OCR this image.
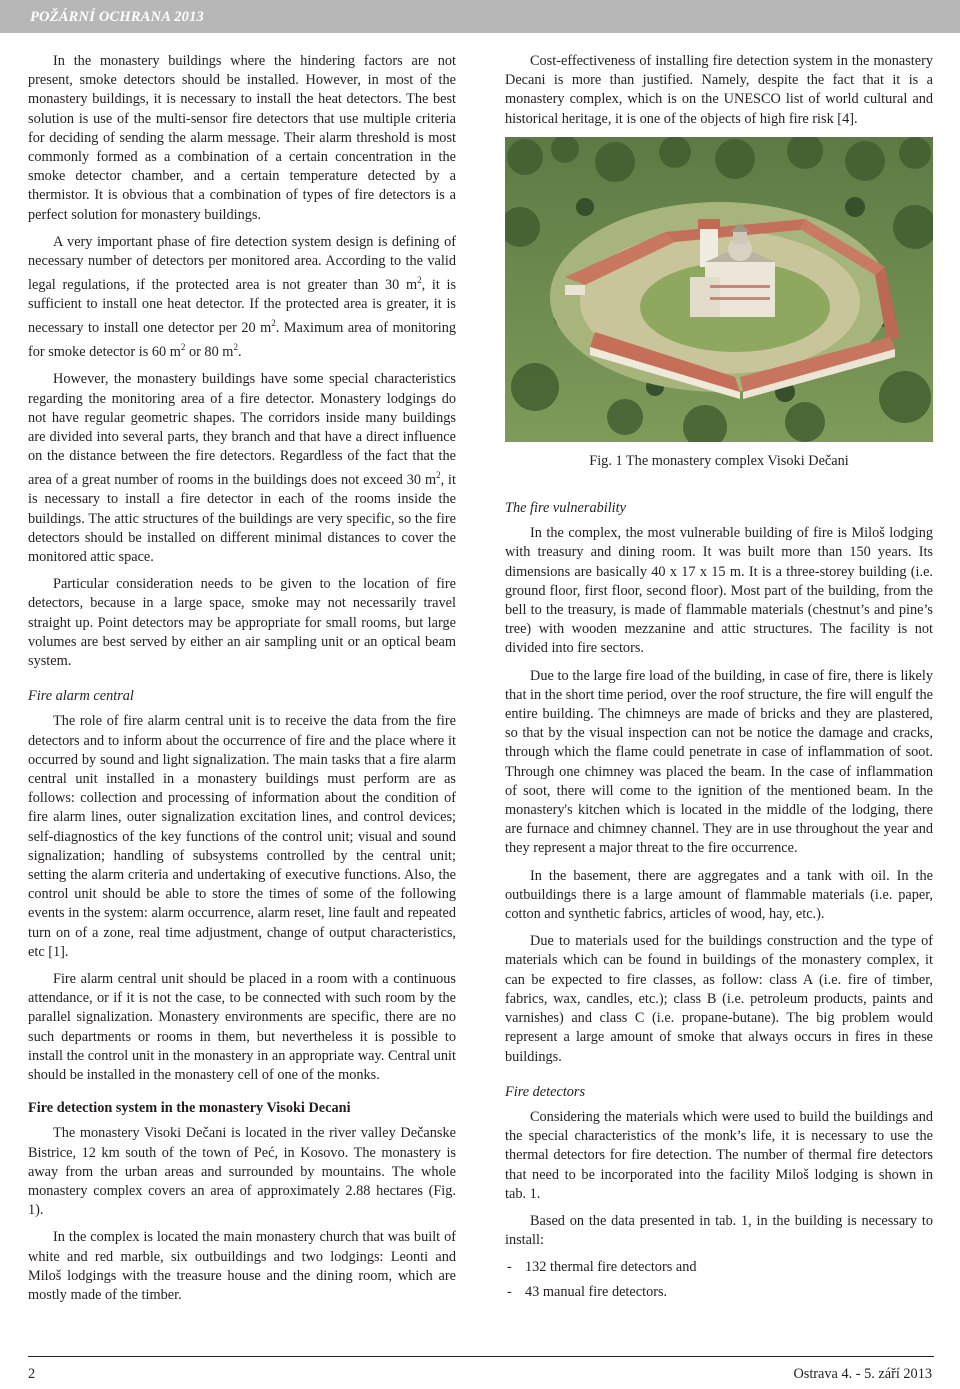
POŽÁRNÍ OCHRANA 2013

In the monastery buildings where the hindering factors are not present, smoke detectors should be installed. However, in most of the monastery buildings, it is necessary to install the heat detectors. The best solution is use of the multi-sensor fire detectors that use multiple criteria for deciding of sending the alarm message. Their alarm threshold is most commonly formed as a combination of a certain concentration in the smoke detector chamber, and a certain temperature detected by a thermistor. It is obvious that a combination of types of fire detectors is a perfect solution for monastery buildings.

A very important phase of fire detection system design is defining of necessary number of detectors per monitored area. According to the valid legal regulations, if the protected area is not greater than 30 $m^2$, it is sufficient to install one heat detector. If the protected area is greater, it is necessary to install one detector per 20 $m^2$. Maximum area of monitoring for smoke detector is 60 $m^2$ or 80 $m^2$.

However, the monastery buildings have some special characteristics regarding the monitoring area of a fire detector. Monastery lodgings do not have regular geometric shapes. The corridors inside many buildings are divided into several parts, they branch and that have a direct influence on the distance between the fire detectors. Regardless of the fact that the area of a great number of rooms in the buildings does not exceed 30 $m^2$, it is necessary to install a fire detector in each of the rooms inside the buildings. The attic structures of the buildings are very specific, so the fire detectors should be installed on different minimal distances to cover the monitored attic space.

Particular consideration needs to be given to the location of fire detectors, because in a large space, smoke may not necessarily travel straight up. Point detectors may be appropriate for small rooms, but large volumes are best served by either an air sampling unit or an optical beam system.

Fire alarm central

The role of fire alarm central unit is to receive the data from the fire detectors and to inform about the occurrence of fire and the place where it occurred by sound and light signalization. The main tasks that a fire alarm central unit installed in a monastery buildings must perform are as follows: collection and processing of information about the condition of fire alarm lines, outer signalization excitation lines, and control devices; self-diagnostics of the key functions of the control unit; visual and sound signalization; handling of subsystems controlled by the central unit; setting the alarm criteria and undertaking of executive functions. Also, the control unit should be able to store the times of some of the following events in the system: alarm occurrence, alarm reset, line fault and repeated turn on of a zone, real time adjustment, change of output characteristics, etc [1].

Fire alarm central unit should be placed in a room with a continuous attendance, or if it is not the case, to be connected with such room by the parallel signalization. Monastery environments are specific, there are no such departments or rooms in them, but nevertheless it is possible to install the control unit in the monastery in an appropriate way. Central unit should be installed in the monastery cell of one of the monks.

Fire detection system in the monastery Visoki Decani

The monastery Visoki Dečani is located in the river valley Dečanske Bistrice, 12 km south of the town of Peć, in Kosovo. The monastery is away from the urban areas and surrounded by mountains. The whole monastery complex covers an area of approximately 2.88 hectares (Fig. 1).

In the complex is located the main monastery church that was built of white and red marble, six outbuildings and two lodgings: Leonti and Miloš lodgings with the treasure house and the dining room, which are mostly made of the timber.

Cost-effectiveness of installing fire detection system in the monastery Decani is more than justified. Namely, despite the fact that it is a monastery complex, which is on the UNESCO list of world cultural and historical heritage, it is one of the objects of high fire risk [4].

Fig. 1 The monastery complex Visoki Dečani
The fire vulnerability

In the complex, the most vulnerable building of fire is Miloš lodging with treasury and dining room. It was built more than 150 years. Its dimensions are basically 40 x 17 x 15 m. It is a three-storey building (i.e. ground floor, first floor, second floor). Most part of the building, from the bell to the treasury, is made of flammable materials (chestnut’s and pine’s tree) with wooden mezzanine and attic structures. The facility is not divided into fire sectors.

Due to the large fire load of the building, in case of fire, there is likely that in the short time period, over the roof structure, the fire will engulf the entire building. The chimneys are made of bricks and they are plastered, so that by the visual inspection can not be notice the damage and cracks, through which the flame could penetrate in case of inflammation of soot. Through one chimney was placed the beam. In the case of inflammation of soot, there will come to the ignition of the mentioned beam. In the monastery's kitchen which is located in the middle of the lodging, there are furnace and chimney channel. They are in use throughout the year and they represent a major threat to the fire occurrence.

In the basement, there are aggregates and a tank with oil. In the outbuildings there is a large amount of flammable materials (i.e. paper, cotton and synthetic fabrics, articles of wood, hay, etc.).

Due to materials used for the buildings construction and the type of materials which can be found in buildings of the monastery complex, it can be expected to fire classes, as follow: class A (i.e. fire of timber, fabrics, wax, candles, etc.); class B (i.e. petroleum products, paints and varnishes) and class C (i.e. propane-butane). The big problem would represent a large amount of smoke that always occurs in fires in these buildings.

Fire detectors

Considering the materials which were used to build the buildings and the special characteristics of the monk’s life, it is necessary to use the thermal detectors for fire detection. The number of thermal fire detectors that need to be incorporated into the facility Miloš lodging is shown in tab. 1.

Based on the data presented in tab. 1, in the building is necessary to install:

- 132 thermal fire detectors and
- 43 manual fire detectors.
2	Ostrava 4. - 5. září 2013
